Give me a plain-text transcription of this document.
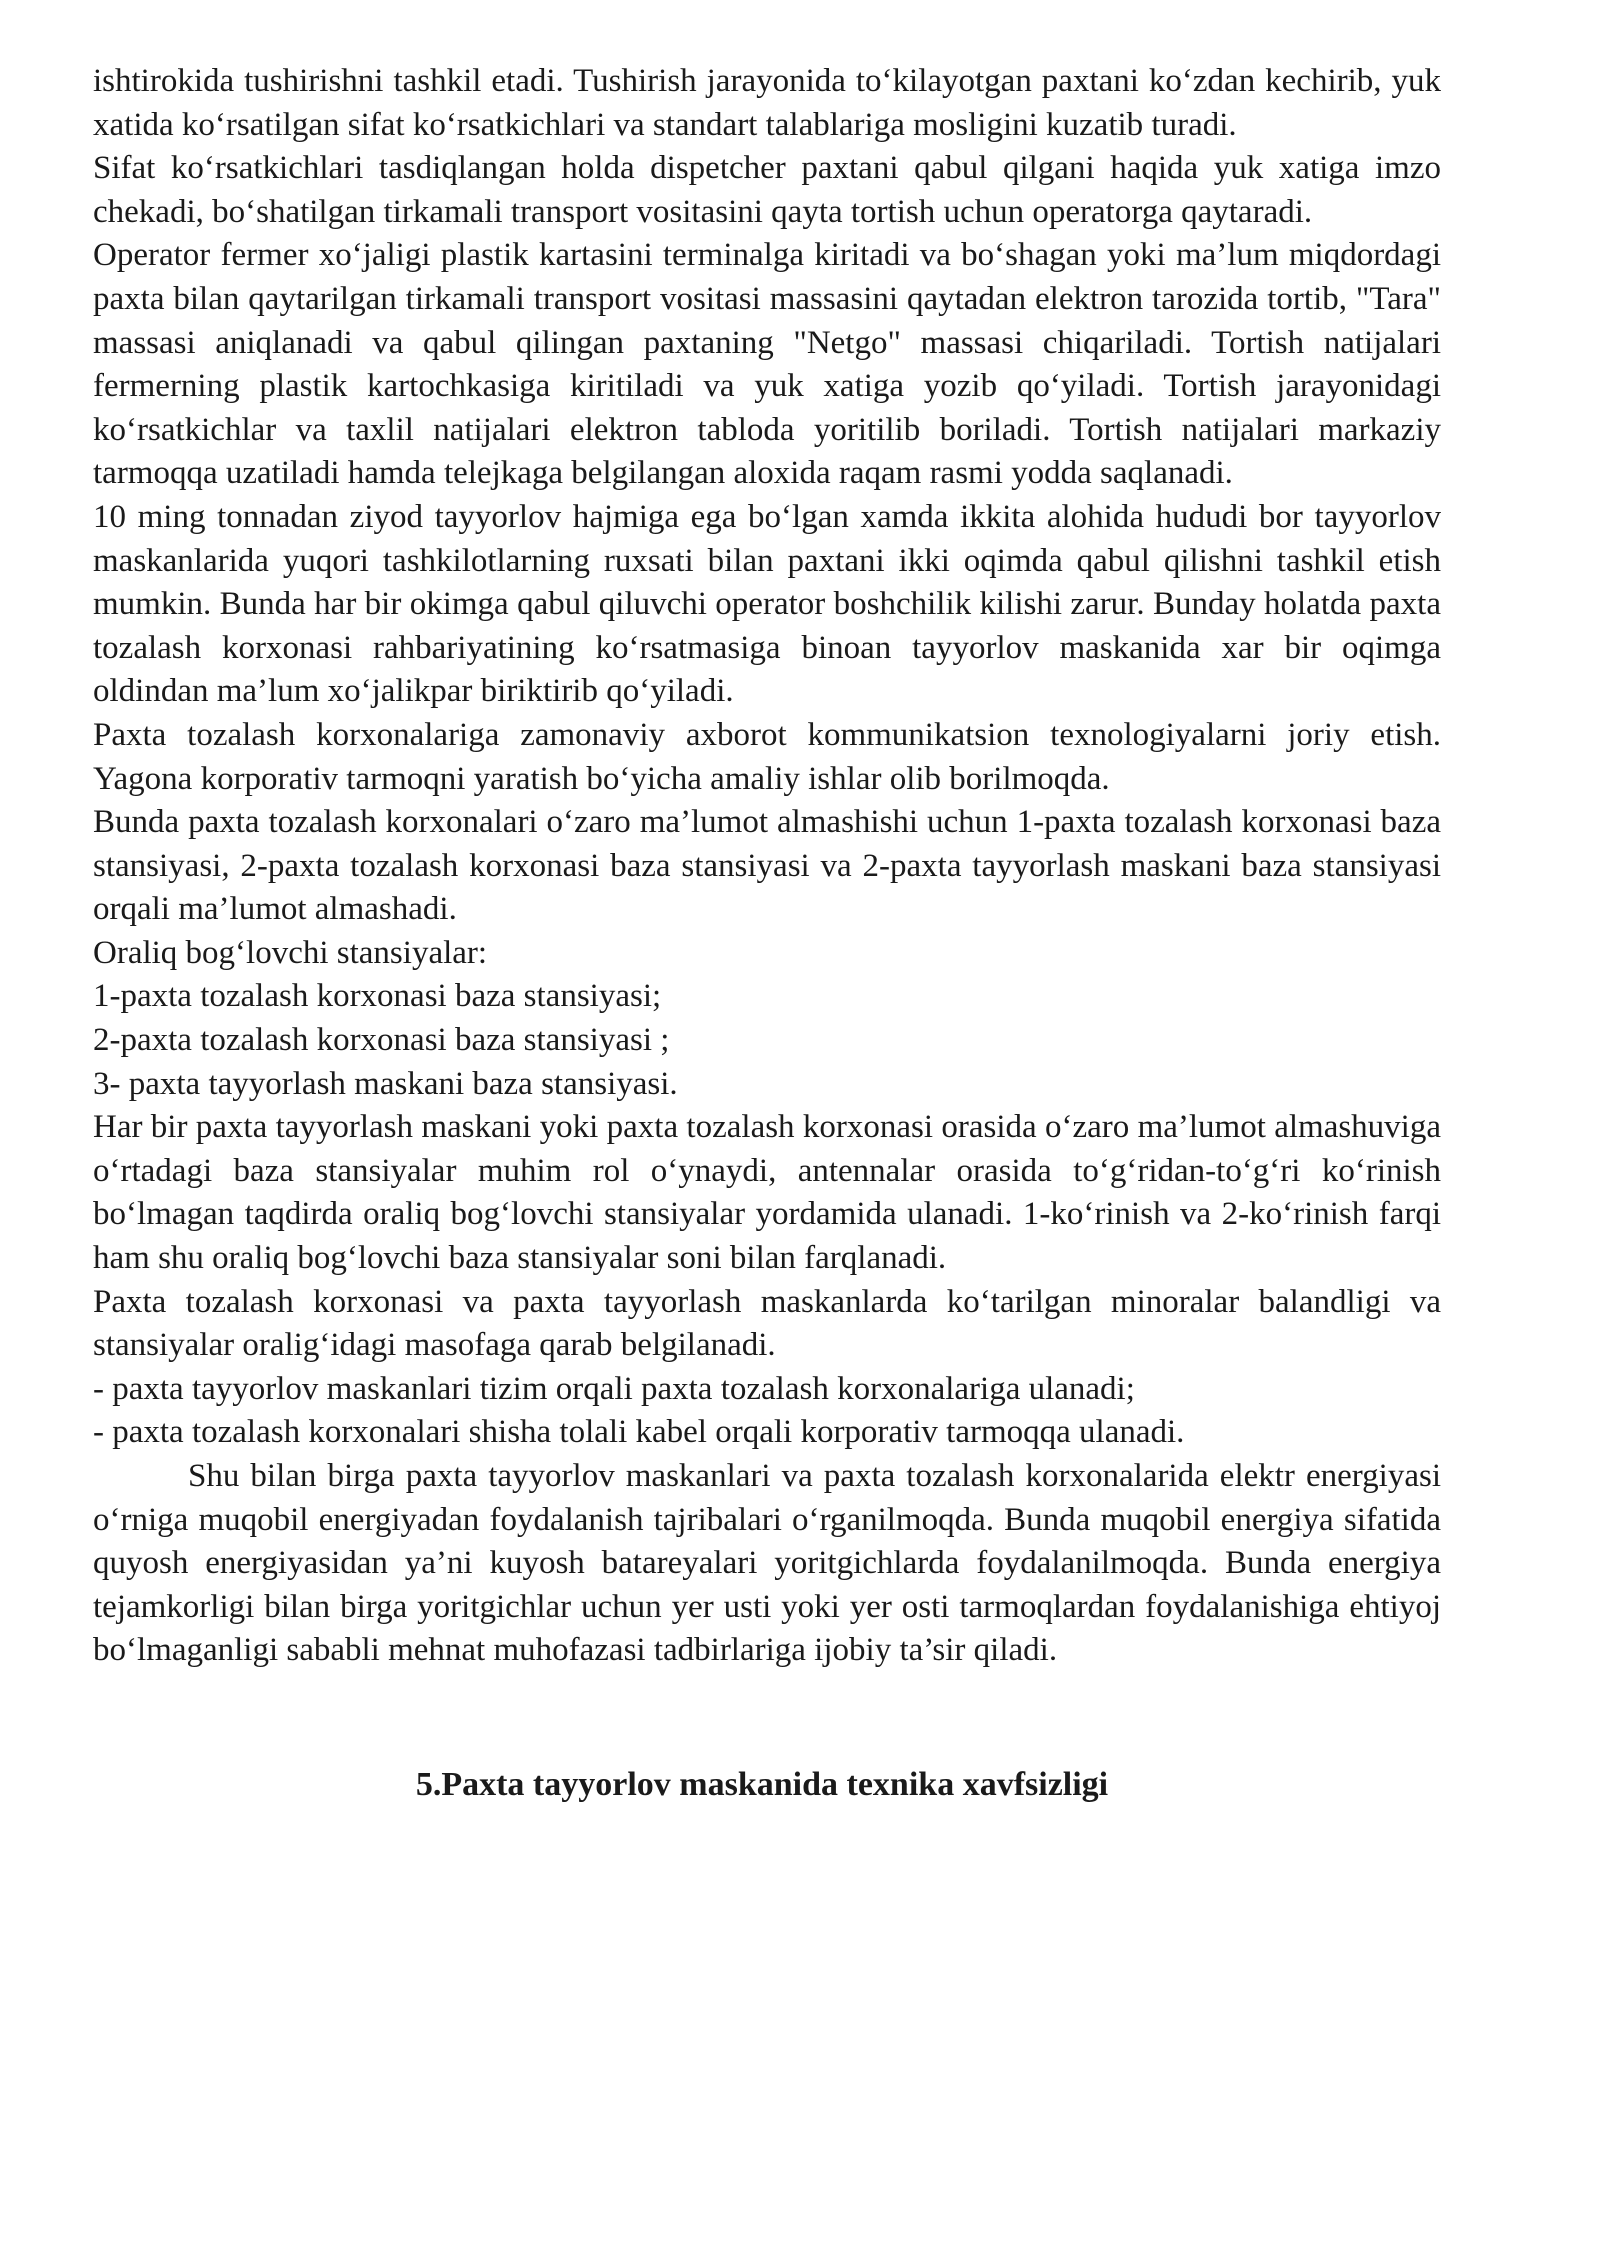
ishtirokida tushirishni tashkil etadi. Tushirish jarayonida to‘kilayotgan paxtani ko‘zdan kechirib, yuk xatida ko‘rsatilgan sifat ko‘rsatkichlari va standart talablariga mosligini kuzatib turadi.

Sifat ko‘rsatkichlari tasdiqlangan holda dispetcher paxtani qabul qilgani haqida yuk xatiga imzo chekadi, bo‘shatilgan tirkamali transport vositasini qayta tortish uchun operatorga qaytaradi.

Operator fermer xo‘jaligi plastik kartasini terminalga kiritadi va bo‘shagan yoki ma’lum miqdordagi paxta bilan qaytarilgan tirkamali transport vositasi massasini qaytadan elektron tarozida tortib, "Tara" massasi aniqlanadi va qabul qilingan paxtaning "Netgo" massasi chiqariladi. Tortish natijalari fermerning plastik kartochkasiga kiritiladi va yuk xatiga yozib qo‘yiladi. Tortish jarayonidagi ko‘rsatkichlar va taxlil natijalari elektron tabloda yoritilib boriladi. Tortish natijalari markaziy tarmoqqa uzatiladi hamda telejkaga belgilangan aloxida raqam rasmi yodda saqlanadi.

10 ming tonnadan ziyod tayyorlov hajmiga ega bo‘lgan xamda ikkita alohida hududi bor tayyorlov maskanlarida yuqori tashkilotlarning ruxsati bilan paxtani ikki oqimda qabul qilishni tashkil etish mumkin. Bunda har bir okimga qabul qiluvchi operator boshchilik kilishi zarur. Bunday holatda paxta tozalash korxonasi rahbariyatining ko‘rsatmasiga binoan tayyorlov maskanida xar bir oqimga oldindan ma’lum xo‘jalikpar biriktirib qo‘yiladi.

Paxta tozalash korxonalariga zamonaviy axborot kommunikatsion texnologiyalarni joriy etish. Yagona korporativ tarmoqni yaratish bo‘yicha amaliy ishlar olib borilmoqda.

Bunda paxta tozalash korxonalari o‘zaro ma’lumot almashishi uchun 1-paxta tozalash korxonasi baza stansiyasi, 2-paxta tozalash korxonasi baza stansiyasi va 2-paxta tayyorlash maskani baza stansiyasi orqali ma’lumot almashadi.

Oraliq bog‘lovchi stansiyalar:

1-paxta tozalash korxonasi baza stansiyasi;

2-paxta tozalash korxonasi baza stansiyasi ;

3- paxta tayyorlash maskani baza stansiyasi.

Har bir paxta tayyorlash maskani yoki paxta tozalash korxonasi orasida o‘zaro ma’lumot almashuviga o‘rtadagi baza stansiyalar muhim rol o‘ynaydi, antennalar orasida to‘g‘ridan-to‘g‘ri ko‘rinish bo‘lmagan taqdirda oraliq bog‘lovchi stansiyalar yordamida ulanadi. 1-ko‘rinish va 2-ko‘rinish farqi ham shu oraliq bog‘lovchi baza stansiyalar soni bilan farqlanadi.

Paxta tozalash korxonasi va paxta tayyorlash maskanlarda ko‘tarilgan minoralar balandligi va stansiyalar oralig‘idagi masofaga qarab belgilanadi.

- paxta tayyorlov maskanlari tizim orqali paxta tozalash korxonalariga ulanadi;

- paxta tozalash korxonalari shisha tolali kabel orqali korporativ tarmoqqa ulanadi.

Shu bilan birga paxta tayyorlov maskanlari va paxta tozalash korxonalarida elektr energiyasi o‘rniga muqobil energiyadan foydalanish tajribalari o‘rganilmoqda. Bunda muqobil energiya sifatida quyosh energiyasidan ya’ni kuyosh batareyalari yoritgichlarda foydalanilmoqda. Bunda energiya tejamkorligi bilan birga yoritgichlar uchun yer usti yoki yer osti tarmoqlardan foydalanishiga ehtiyoj bo‘lmaganligi sababli mehnat muhofazasi tadbirlariga ijobiy ta’sir qiladi.

5.Paxta tayyorlov maskanida texnika xavfsizligi
